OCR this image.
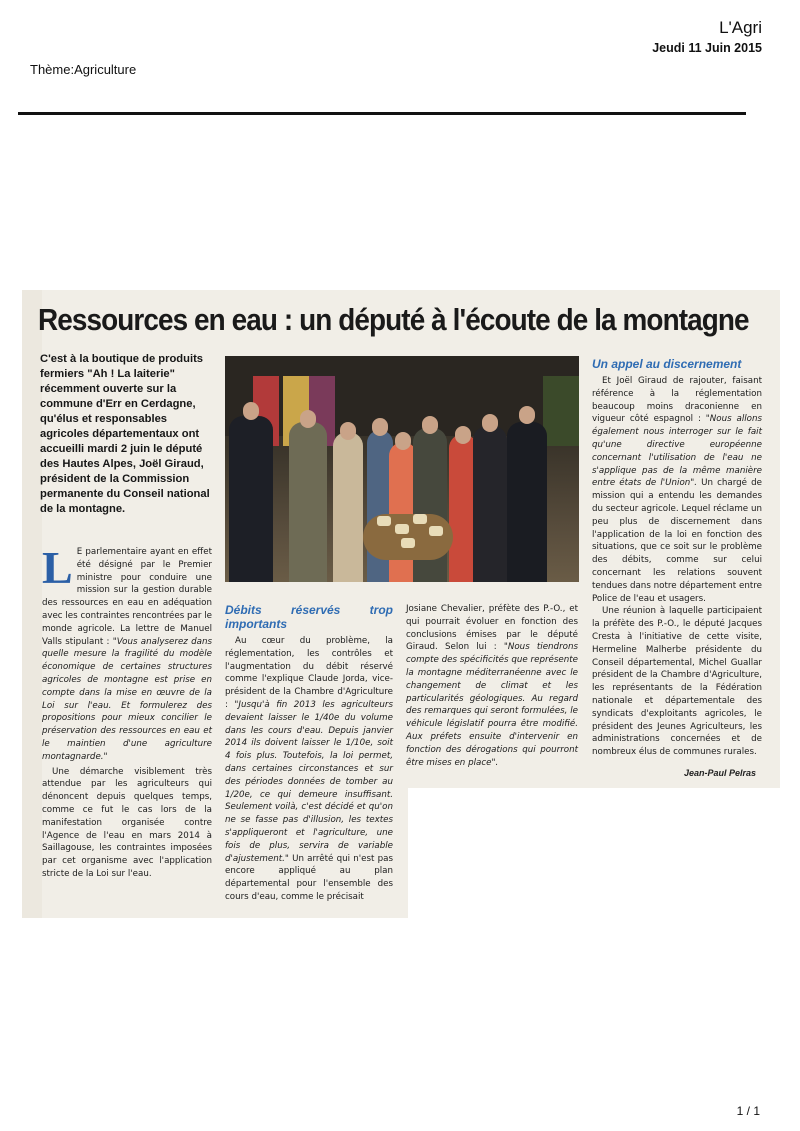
L'Agri
Jeudi 11 Juin 2015
Thème:Agriculture
Ressources en eau : un député à l'écoute de la montagne
C'est à la boutique de produits fermiers "Ah ! La laiterie" récemment ouverte sur la commune d'Err en Cerdagne, qu'élus et responsables agricoles départementaux ont accueilli mardi 2 juin le député des Hautes Alpes, Joël Giraud, président de la Commission permanente du Conseil national de la montagne.

L E parlementaire ayant en effet été désigné par le Premier ministre pour conduire une mission sur la gestion durable des ressources en eau en adéquation avec les contraintes rencontrées par le monde agricole. La lettre de Manuel Valls stipulant : "Vous analyserez dans quelle mesure la fragilité du modèle économique de certaines structures agricoles de montagne est prise en compte dans la mise en œuvre de la Loi sur l'eau. Et formulerez des propositions pour mieux concilier le préservation des ressources en eau et le maintien d'une agriculture montagnarde."

Une démarche visiblement très attendue par les agriculteurs qui dénoncent depuis quelques temps, comme ce fut le cas lors de la manifestation organisée contre l'Agence de l'eau en mars 2014 à Saillagouse, les contraintes imposées par cet organisme avec l'application stricte de la Loi sur l'eau.

Débits réservés trop importants

Au cœur du problème, la réglementation, les contrôles et l'augmentation du débit réservé comme l'explique Claude Jorda, vice-président de la Chambre d'Agriculture : "Jusqu'à fin 2013 les agriculteurs devaient laisser le 1/40e du volume dans les cours d'eau. Depuis janvier 2014 ils doivent laisser le 1/10e, soit 4 fois plus. Toutefois, la loi permet, dans certaines circonstances et sur des périodes données de tomber au 1/20e, ce qui demeure insuffisant. Seulement voilà, c'est décidé et qu'on ne se fasse pas d'illusion, les textes s'appliqueront et l'agriculture, une fois de plus, servira de variable d'ajustement." Un arrêté qui n'est pas encore appliqué au plan départemental pour l'ensemble des cours d'eau, comme le précisait

Josiane Chevalier, préfète des P.-O., et qui pourrait évoluer en fonction des conclusions émises par le député Giraud. Selon lui : "Nous tiendrons compte des spécificités que représente la montagne méditerranéenne avec le changement de climat et les particularités géologiques. Au regard des remarques qui seront formulées, le véhicule législatif pourra être modifié. Aux préfets ensuite d'intervenir en fonction des dérogations qui pourront être mises en place".

Un appel au discernement

Et Joël Giraud de rajouter, faisant référence à la réglementation beaucoup moins draconienne en vigueur côté espagnol : "Nous allons également nous interroger sur le fait qu'une directive européenne concernant l'utilisation de l'eau ne s'applique pas de la même manière entre états de l'Union". Un chargé de mission qui a entendu les demandes du secteur agricole. Lequel réclame un peu plus de discernement dans l'application de la loi en fonction des situations, que ce soit sur le problème des débits, comme sur celui concernant les relations souvent tendues dans notre département entre Police de l'eau et usagers.

Une réunion à laquelle participaient la préfète des P.-O., le député Jacques Cresta à l'initiative de cette visite, Hermeline Malherbe présidente du Conseil départemental, Michel Guallar président de la Chambre d'Agriculture, les représentants de la Fédération nationale et départementale des syndicats d'exploitants agricoles, le président des Jeunes Agriculteurs, les administrations concernées et de nombreux élus de communes rurales.

Jean-Paul Pelras
1 / 1
